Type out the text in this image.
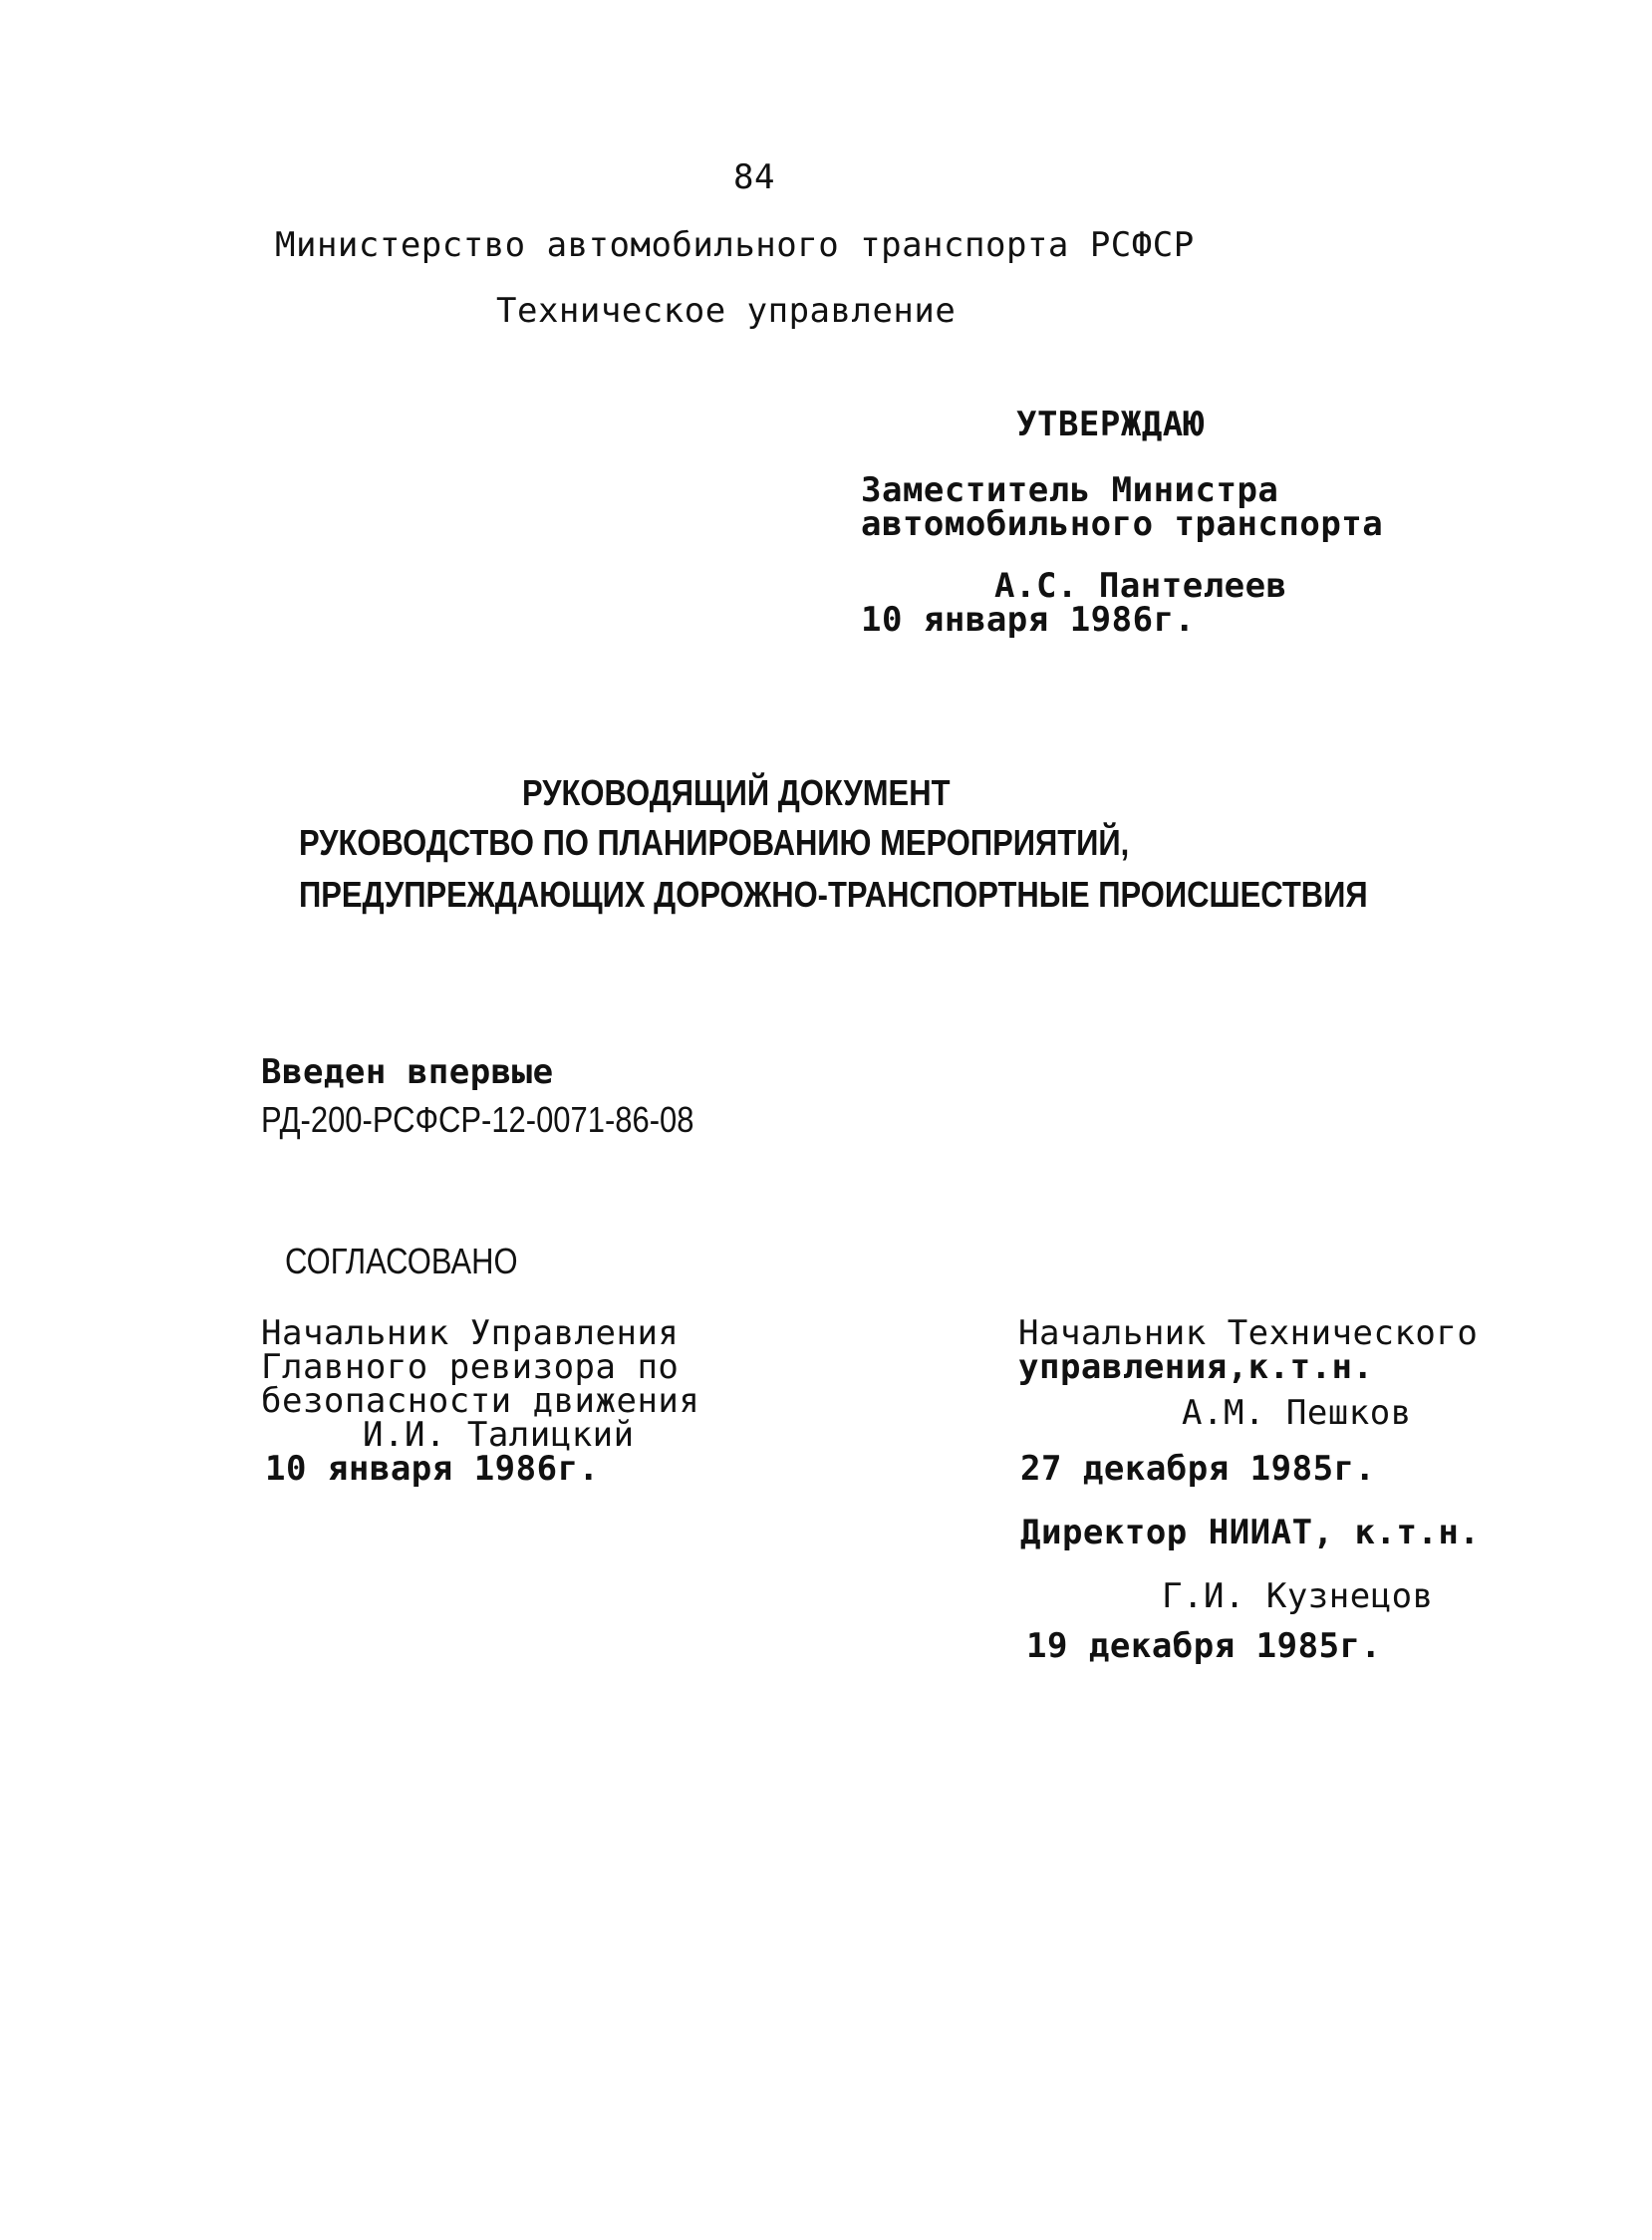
84
Министерство автомобильного транспорта РСФСР
Техническое управление
УТВЕРЖДАЮ
Заместитель Министра
автомобильного транспорта
А.С. Пантелеев
10 января 1986г.
РУКОВОДЯЩИЙ ДОКУМЕНТ
РУКОВОДСТВО ПО ПЛАНИРОВАНИЮ МЕРОПРИЯТИЙ,
ПРЕДУПРЕЖДАЮЩИХ ДОРОЖНО-ТРАНСПОРТНЫЕ ПРОИСШЕСТВИЯ
Введен впервые
РД-200-РСФСР-12-0071-86-08
СОГЛАСОВАНО
Начальник Управления
Главного ревизора по
безопасности движения
И.И. Талицкий
10 января 1986г.
Начальник Технического
управления,к.т.н.
А.М. Пешков
27 декабря 1985г.
Директор НИИАТ, к.т.н.
Г.И. Кузнецов
19 декабря 1985г.
